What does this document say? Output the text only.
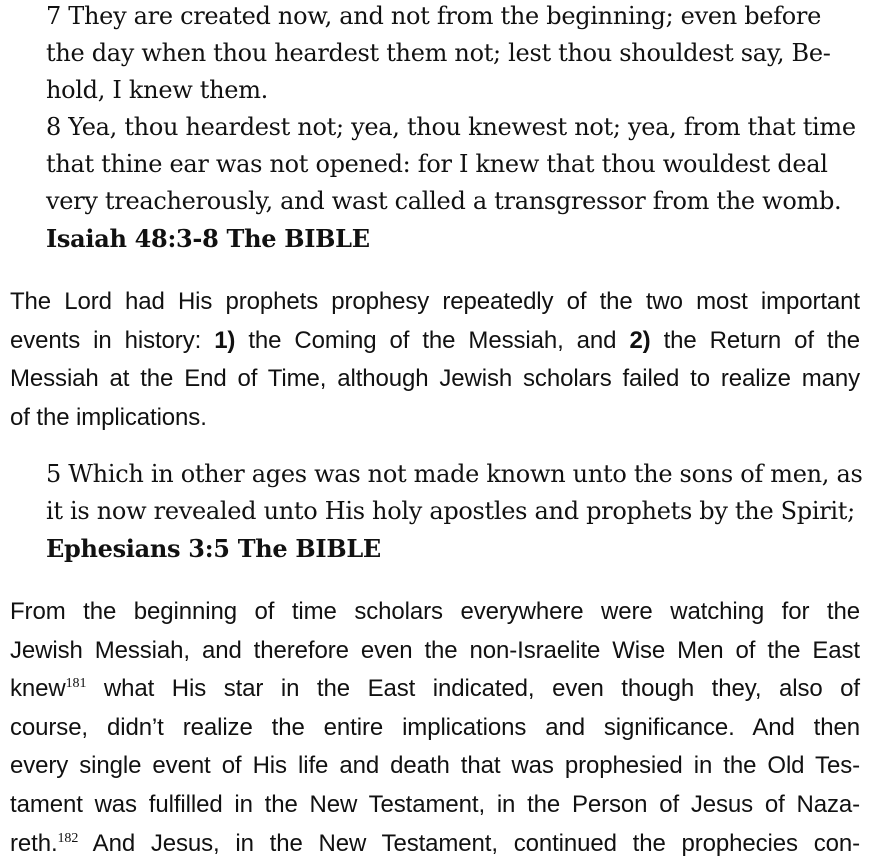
7 They are created now, and not from the beginning; even before
the day when thou heardest them not; lest thou shouldest say, Be-
hold, I knew them.
8 Yea, thou heardest not; yea, thou knewest not; yea, from that time
that thine ear was not opened: for I knew that thou wouldest deal
very treacherously, and wast called a transgressor from the womb.
Isaiah 48:3-8 The BIBLE
The Lord had His prophets prophesy repeatedly of the two most important
events in history: 1) the Coming of the Messiah, and 2) the Return of the
Messiah at the End of Time, although Jewish scholars failed to realize many
of the implications.
5 Which in other ages was not made known unto the sons of men, as
it is now revealed unto His holy apostles and prophets by the Spirit;
Ephesians 3:5 The BIBLE
From the beginning of time scholars everywhere were watching for the
Jewish Messiah, and therefore even the non-Israelite Wise Men of the East
knew$^{181}$ what His star in the East indicated, even though they, also of
course, didn’t realize the entire implications and significance. And then
every single event of His life and death that was prophesied in the Old Tes-
tament was fulfilled in the New Testament, in the Person of Jesus of Naza-
reth.$^{182}$ And Jesus, in the New Testament, continued the prophecies con-
